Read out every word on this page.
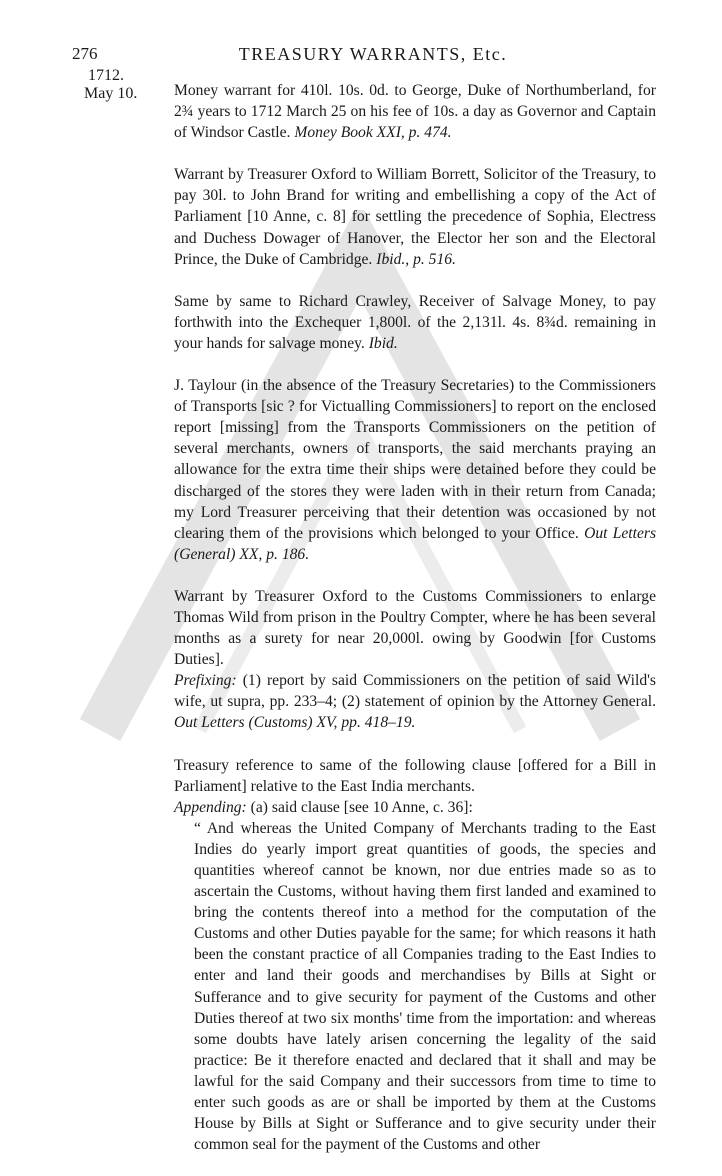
276	TREASURY WARRANTS, Etc.
1712.
May 10. Money warrant for 410l. 10s. 0d. to George, Duke of Northumberland, for 2¾ years to 1712 March 25 on his fee of 10s. a day as Governor and Captain of Windsor Castle. Money Book XXI, p. 474.

Warrant by Treasurer Oxford to William Borrett, Solicitor of the Treasury, to pay 30l. to John Brand for writing and embellishing a copy of the Act of Parliament [10 Anne, c. 8] for settling the precedence of Sophia, Electress and Duchess Dowager of Hanover, the Elector her son and the Electoral Prince, the Duke of Cambridge. Ibid., p. 516.

Same by same to Richard Crawley, Receiver of Salvage Money, to pay forthwith into the Exchequer 1,800l. of the 2,131l. 4s. 8¾d. remaining in your hands for salvage money. Ibid.

J. Taylour (in the absence of the Treasury Secretaries) to the Commissioners of Transports [sic ? for Victualling Commissioners] to report on the enclosed report [missing] from the Transports Commissioners on the petition of several merchants, owners of transports, the said merchants praying an allowance for the extra time their ships were detained before they could be discharged of the stores they were laden with in their return from Canada; my Lord Treasurer perceiving that their detention was occasioned by not clearing them of the provisions which belonged to your Office. Out Letters (General) XX, p. 186.

Warrant by Treasurer Oxford to the Customs Commissioners to enlarge Thomas Wild from prison in the Poultry Compter, where he has been several months as a surety for near 20,000l. owing by Goodwin [for Customs Duties].

Prefixing: (1) report by said Commissioners on the petition of said Wild's wife, ut supra, pp. 233–4; (2) statement of opinion by the Attorney General. Out Letters (Customs) XV, pp. 418–19.

Treasury reference to same of the following clause [offered for a Bill in Parliament] relative to the East India merchants.

Appending: (a) said clause [see 10 Anne, c. 36]:

“ And whereas the United Company of Merchants trading to the East Indies do yearly import great quantities of goods, the species and quantities whereof cannot be known, nor due entries made so as to ascertain the Customs, without having them first landed and examined to bring the contents thereof into a method for the computation of the Customs and other Duties payable for the same; for which reasons it hath been the constant practice of all Companies trading to the East Indies to enter and land their goods and merchandises by Bills at Sight or Sufferance and to give security for payment of the Customs and other Duties thereof at two six months' time from the importation: and whereas some doubts have lately arisen concerning the legality of the said practice: Be it therefore enacted and declared that it shall and may be lawful for the said Company and their successors from time to time to enter such goods as are or shall be imported by them at the Customs House by Bills at Sight or Sufferance and to give security under their common seal for the payment of the Customs and other
